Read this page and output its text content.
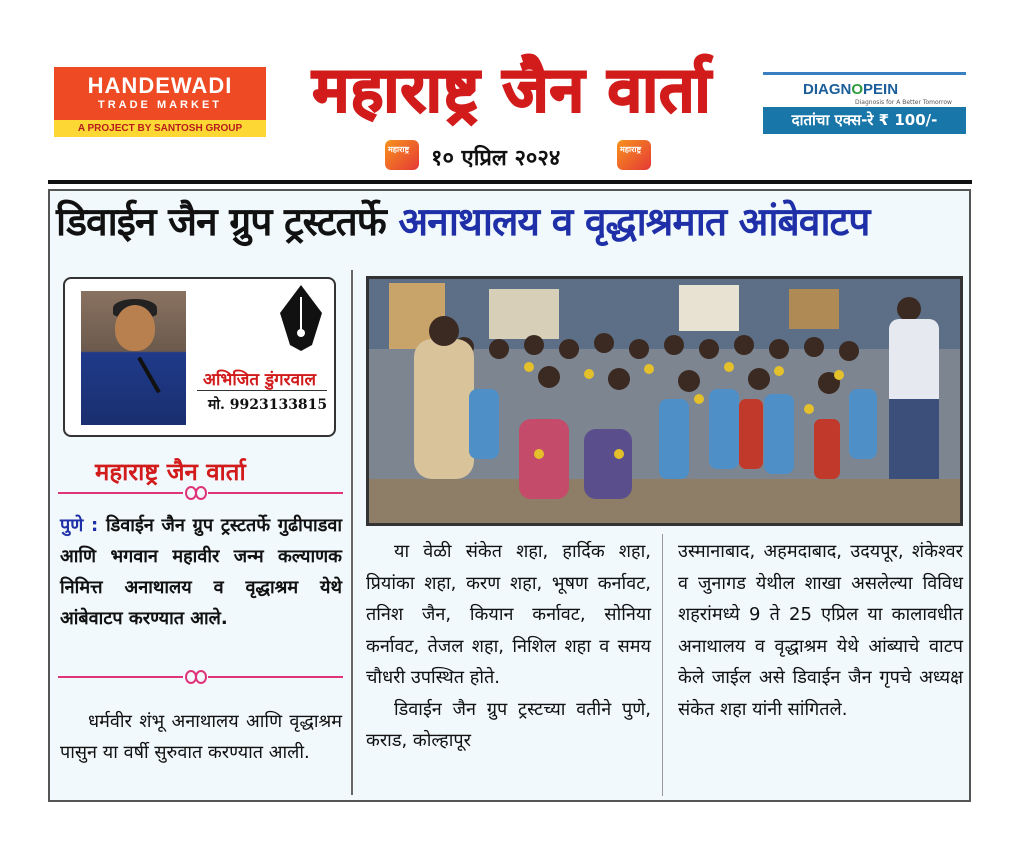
HANDEWADI
TRADE MARKET
A PROJECT BY SANTOSH GROUP
महाराष्ट्र जैन वार्ता
महाराष्ट्र १० एप्रिल २०२४	महाराष्ट्र
DIAGNOPEIN
Diagnosis for A Better Tomorrow
दातांचा एक्स-रे ₹ 100/-
डिवाईन जैन ग्रुप ट्रस्टतर्फे अनाथालय व वृद्धाश्रमात आंबेवाटप
अभिजित डुंगरवाल
मो. 9923133815
महाराष्ट्र जैन वार्ता
पुणे : डिवाईन जैन ग्रुप ट्रस्टतर्फे गुढीपाडवा आणि भगवान महावीर जन्म कल्याणक निमित्त अनाथालय व वृद्धाश्रम येथे आंबेवाटप करण्यात आले.
धर्मवीर शंभू अनाथालय आणि वृद्धाश्रम पासुन या वर्षी सुरुवात करण्यात आली.

या वेळी संकेत शहा, हार्दिक शहा, प्रियांका शहा, करण शहा, भूषण कर्नावट, तनिश जैन, कियान कर्नावट, सोनिया कर्नावट, तेजल शहा, निशिल शहा व समय चौधरी उपस्थित होते.

डिवाईन जैन ग्रुप ट्रस्टच्या वतीने पुणे, कराड, कोल्हापूर

उस्मानाबाद, अहमदाबाद, उदयपूर, शंकेश्वर व जुनागड येथील शाखा असलेल्या विविध शहरांमध्ये 9 ते 25 एप्रिल या कालावधीत अनाथालय व वृद्धाश्रम येथे आंब्याचे वाटप केले जाईल असे डिवाईन जैन गृपचे अध्यक्ष संकेत शहा यांनी सांगितले.
